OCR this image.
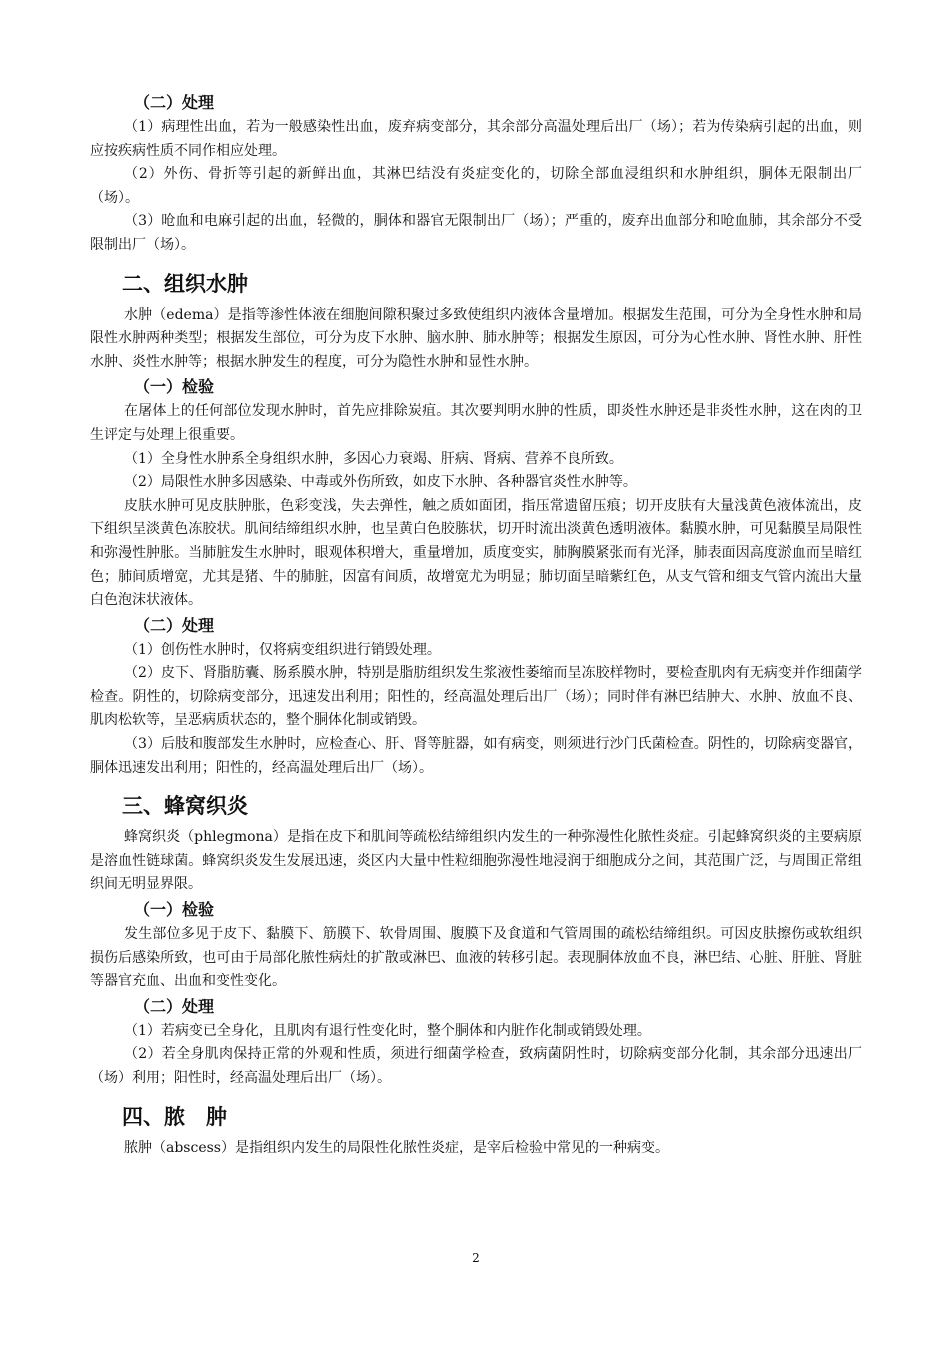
（二）处理
（1）病理性出血，若为一般感染性出血，废弃病变部分，其余部分高温处理后出厂（场）；若为传染病引起的出血，则应按疾病性质不同作相应处理。
（2）外伤、骨折等引起的新鲜出血，其淋巴结没有炎症变化的，切除全部血浸组织和水肿组织，胴体无限制出厂（场）。
（3）呛血和电麻引起的出血，轻微的，胴体和器官无限制出厂（场）；严重的，废弃出血部分和呛血肺，其余部分不受限制出厂（场）。
二、组织水肿
水肿（edema）是指等渗性体液在细胞间隙积聚过多致使组织内液体含量增加。根据发生范围，可分为全身性水肿和局限性水肿两种类型；根据发生部位，可分为皮下水肿、脑水肿、肺水肿等；根据发生原因，可分为心性水肿、肾性水肿、肝性水肿、炎性水肿等；根据水肿发生的程度，可分为隐性水肿和显性水肿。
（一）检验
在屠体上的任何部位发现水肿时，首先应排除炭疽。其次要判明水肿的性质，即炎性水肿还是非炎性水肿，这在肉的卫生评定与处理上很重要。
（1）全身性水肿系全身组织水肿，多因心力衰竭、肝病、肾病、营养不良所致。
（2）局限性水肿多因感染、中毒或外伤所致，如皮下水肿、各种器官炎性水肿等。
皮肤水肿可见皮肤肿胀，色彩变浅，失去弹性，触之质如面团，指压常遗留压痕；切开皮肤有大量浅黄色液体流出，皮下组织呈淡黄色冻胶状。肌间结缔组织水肿，也呈黄白色胶胨状，切开时流出淡黄色透明液体。黏膜水肿，可见黏膜呈局限性和弥漫性肿胀。当肺脏发生水肿时，眼观体积增大，重量增加，质度变实，肺胸膜紧张而有光泽，肺表面因高度淤血而呈暗红色；肺间质增宽，尤其是猪、牛的肺脏，因富有间质，故增宽尤为明显；肺切面呈暗紫红色，从支气管和细支气管内流出大量白色泡沫状液体。
（二）处理
（1）创伤性水肿时，仅将病变组织进行销毁处理。
（2）皮下、肾脂肪囊、肠系膜水肿，特别是脂肪组织发生浆液性萎缩而呈冻胶样物时，要检查肌肉有无病变并作细菌学检查。阴性的，切除病变部分，迅速发出利用；阳性的，经高温处理后出厂（场）；同时伴有淋巴结肿大、水肿、放血不良、肌肉松软等，呈恶病质状态的，整个胴体化制或销毁。
（3）后肢和腹部发生水肿时，应检查心、肝、肾等脏器，如有病变，则须进行沙门氏菌检查。阴性的，切除病变器官，胴体迅速发出利用；阳性的，经高温处理后出厂（场）。
三、蜂窝织炎
蜂窝织炎（phlegmona）是指在皮下和肌间等疏松结缔组织内发生的一种弥漫性化脓性炎症。引起蜂窝织炎的主要病原是溶血性链球菌。蜂窝织炎发生发展迅速，炎区内大量中性粒细胞弥漫性地浸润于细胞成分之间，其范围广泛，与周围正常组织间无明显界限。
（一）检验
发生部位多见于皮下、黏膜下、筋膜下、软骨周围、腹膜下及食道和气管周围的疏松结缔组织。可因皮肤擦伤或软组织损伤后感染所致，也可由于局部化脓性病灶的扩散或淋巴、血液的转移引起。表现胴体放血不良，淋巴结、心脏、肝脏、肾脏等器官充血、出血和变性变化。
（二）处理
（1）若病变已全身化，且肌肉有退行性变化时，整个胴体和内脏作化制或销毁处理。
（2）若全身肌肉保持正常的外观和性质，须进行细菌学检查，致病菌阴性时，切除病变部分化制，其余部分迅速出厂（场）利用；阳性时，经高温处理后出厂（场）。
四、脓　肿
脓肿（abscess）是指组织内发生的局限性化脓性炎症，是宰后检验中常见的一种病变。
2
